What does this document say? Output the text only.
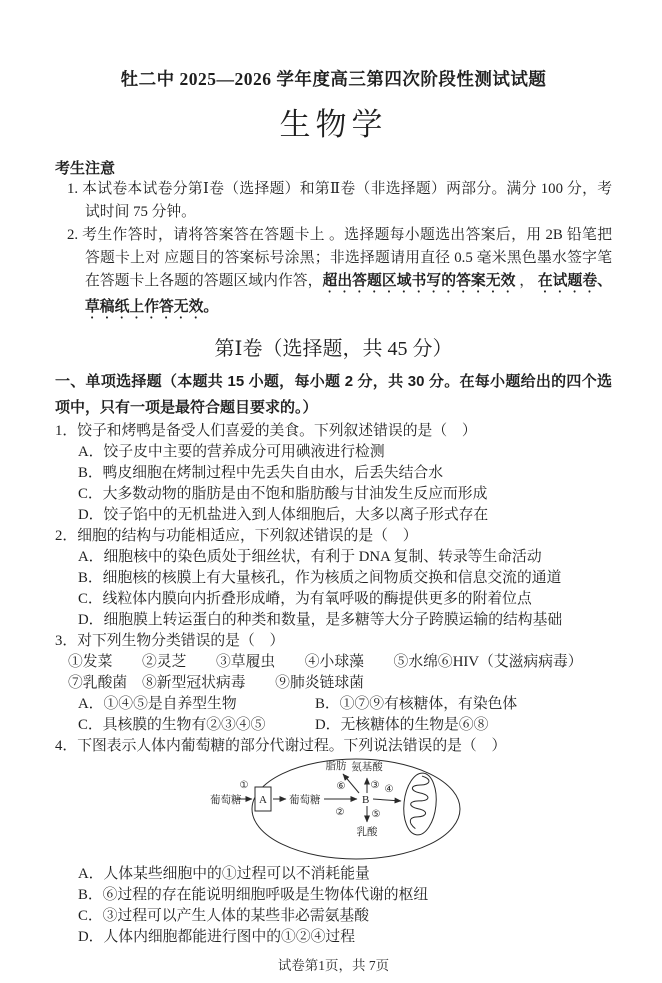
牡二中 2025—2026 学年度高三第四次阶段性测试试题
生物学
考生注意
1. 本试卷本试卷分第Ⅰ卷（选择题）和第Ⅱ卷（非选择题）两部分。满分 100 分，考试时间 75 分钟。
2. 考生作答时，请将答案答在答题卡上 。选择题每小题选出答案后，用 2B 铅笔把答题卡上对 应题目的答案标号涂黑；非选择题请用直径 0.5 毫米黑色墨水签字笔在答题卡上各题的答题区域内作答，超出答题区域书写的答案无效 ， 在试题卷、草稿纸上作答无效。
第Ⅰ卷（选择题，共 45 分）
一、单项选择题（本题共 15 小题，每小题 2 分，共 30 分。在每小题给出的四个选项中，只有一项是最符合题目要求的。）
1．饺子和烤鸭是备受人们喜爱的美食。下列叙述错误的是（　）
A．饺子皮中主要的营养成分可用碘液进行检测
B．鸭皮细胞在烤制过程中先丢失自由水，后丢失结合水
C．大多数动物的脂肪是由不饱和脂肪酸与甘油发生反应而形成
D．饺子馅中的无机盐进入到人体细胞后，大多以离子形式存在
2．细胞的结构与功能相适应，下列叙述错误的是（　）
A．细胞核中的染色质处于细丝状，有利于 DNA 复制、转录等生命活动
B．细胞核的核膜上有大量核孔，作为核质之间物质交换和信息交流的通道
C．线粒体内膜向内折叠形成嵴，为有氧呼吸的酶提供更多的附着位点
D．细胞膜上转运蛋白的种类和数量，是多糖等大分子跨膜运输的结构基础
3．对下列生物分类错误的是（　）
①发菜　　②灵芝　　③草履虫　　④小球藻　　⑤水绵⑥HIV（艾滋病病毒）
⑦乳酸菌　⑧新型冠状病毒　　⑨肺炎链球菌
A．①④⑤是自养型生物	B．①⑦⑨有核糖体，有染色体
C．具核膜的生物有②③④⑤	D．无核糖体的生物是⑥⑧
4．下图表示人体内葡萄糖的部分代谢过程。下列说法错误的是（　）
葡萄糖
①
A 葡萄糖
②
B
③
氨基酸
⑥
脂肪
④
⑤
乳酸
A．人体某些细胞中的①过程可以不消耗能量
B．⑥过程的存在能说明细胞呼吸是生物体代谢的枢纽
C．③过程可以产生人体的某些非必需氨基酸
D．人体内细胞都能进行图中的①②④过程
试卷第1页，共 7页
